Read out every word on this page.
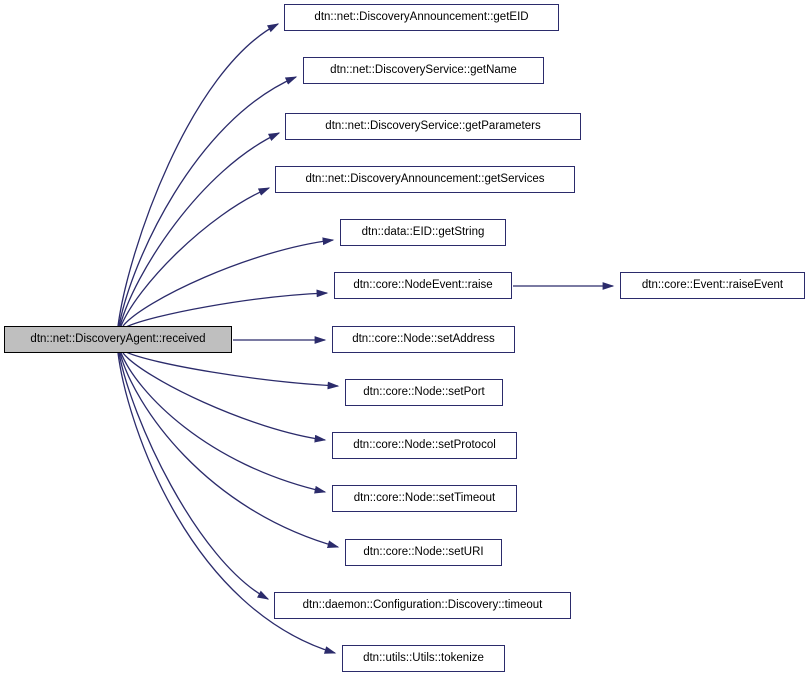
dtn::net::DiscoveryAgent::received
dtn::net::DiscoveryAnnouncement::getEID
dtn::net::DiscoveryService::getName
dtn::net::DiscoveryService::getParameters
dtn::net::DiscoveryAnnouncement::getServices
dtn::data::EID::getString
dtn::core::NodeEvent::raise
dtn::core::Node::setAddress
dtn::core::Node::setPort
dtn::core::Node::setProtocol
dtn::core::Node::setTimeout
dtn::core::Node::setURI
dtn::daemon::Configuration::Discovery::timeout
dtn::utils::Utils::tokenize
dtn::core::Event::raiseEvent
